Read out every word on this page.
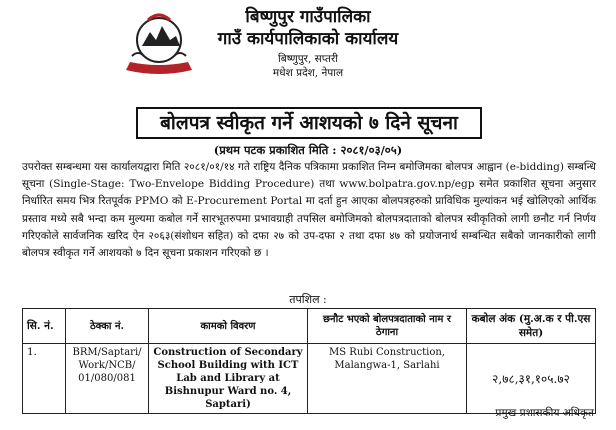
बिष्णुपुर गाउँपालिका
गाउँ कार्यपालिकाको कार्यालय
बिष्णुपुर, सप्तरी
मधेश प्रदेश, नेपाल
बोलपत्र स्वीकृत गर्ने आशयको ७ दिने सूचना
(प्रथम पटक प्रकाशित मिति : २०८१/०३/०५)
उपरोक्त सम्बन्धमा यस कार्यालयद्वारा मिति २०८१/०१/१४ गते राष्ट्रिय दैनिक पत्रिकामा प्रकाशित निम्न बमोजिमका बोलपत्र आह्वान (e-bidding) सम्बन्धि सूचना (Single-Stage: Two-Envelope Bidding Procedure) तथा www.bolpatra.gov.np/egp समेत प्रकाशित सूचना अनुसार निर्धारित समय भित्र रितपूर्वक PPMO को E-Procurement Portal मा दर्ता हुन आएका बोलपत्रहरुको प्राविधिक मुल्यांकन भई खोलिएको आर्थिक प्रस्ताव मध्ये सबै भन्दा कम मुल्यमा कबोल गर्ने सारभूतरुपमा प्रभावग्राही तपसिल बमोजिमको बोलपत्रदाताको बोलपत्र स्वीकृतिको लागी छनौट गर्न निर्णय गरिएकोले सार्वजनिक खरिद ऐन २०६३(संशोधन सहित) को दफा २७ को उप-दफा २ तथा दफा ४७ को प्रयोजनार्थ सम्बन्धित सबैको जानकारीको लागी बोलपत्र स्वीकृत गर्ने आशयको ७ दिन सूचना प्रकाशन गरिएको छ ।
तपशिल :
सि. नं.	ठेक्का नं.	कामको विवरण	छनौट भएको बोलपत्रदाताको नाम र ठेगाना	कबोल अंक (मु.अ.क र पी.एस समेत)
1.	BRM/Saptari/ Work/NCB/ 01/080/081	Construction of Secondary School Building with ICT Lab and Library at Bishnupur Ward no. 4, Saptari)	MS Rubi Construction, Malangwa-1, Sarlahi	२,७८,३१,१०५.७२
प्रमुख प्रशासकीय अधिकृत
